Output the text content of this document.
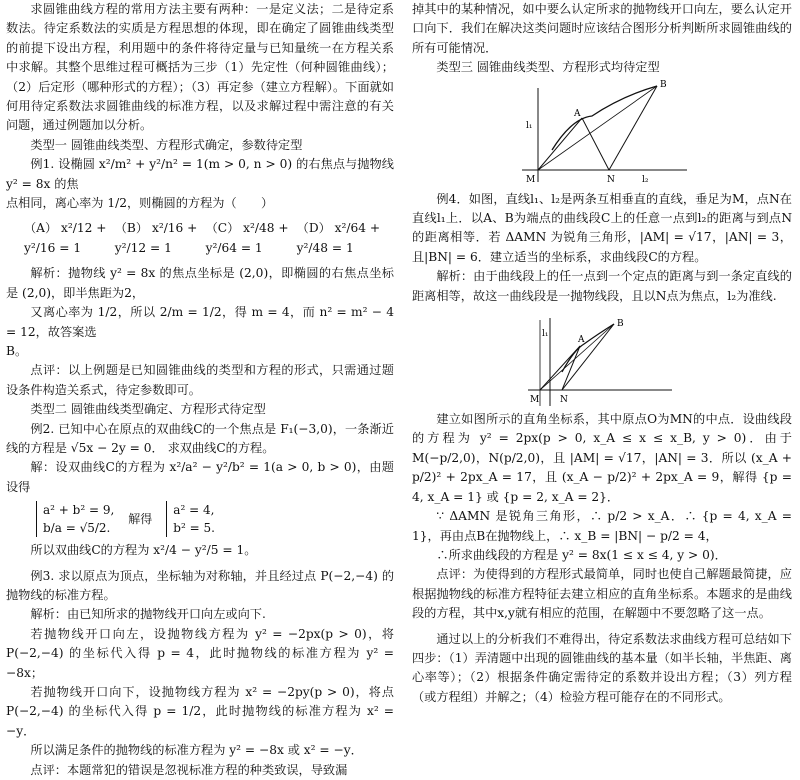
求圆锥曲线方程的常用方法主要有两种：一是定义法；二是待定系数法。待定系数法的实质是方程思想的体现，即在确定了圆锥曲线类型的前提下设出方程，利用题中的条件将待定量与已知量统一在方程关系中求解。其整个思维过程可概括为三步（1）先定性（何种圆锥曲线）；（2）后定形（哪种形式的方程）；（3）再定参（建立方程解）。下面就如何用待定系数法求圆锥曲线的标准方程，以及求解过程中需注意的有关问题，通过例题加以分析。

类型一 圆锥曲线类型、方程形式确定，参数待定型

例1. 设椭圆 x²/m² + y²/n² = 1(m > 0, n > 0) 的右焦点与抛物线 y² = 8x 的焦

点相同，离心率为 1/2，则椭圆的方程为（　　）

（A） x²/12 + y²/16 = 1
（B） x²/16 + y²/12 = 1
（C） x²/48 + y²/64 = 1
（D） x²/64 + y²/48 = 1

解析：抛物线 y² = 8x 的焦点坐标是 (2,0)，即椭圆的右焦点坐标是 (2,0)，即半焦距为2，

又离心率为 1/2，所以 2/m = 1/2，得 m = 4，而 n² = m² − 4 = 12，故答案选

B。

点评：以上例题是已知圆锥曲线的类型和方程的形式，只需通过题设条件构造关系式，待定参数即可。

类型二 圆锥曲线类型确定、方程形式待定型

例2. 已知中心在原点的双曲线C的一个焦点是 F₁(−3,0)，一条渐近线的方程是 √5x − 2y = 0． 求双曲线C的方程。

解：设双曲线C的方程为 x²/a² − y²/b² = 1(a > 0, b > 0)，由题设得

a² + b² = 9,
b/a = √5/2.
解得
a² = 4,
b² = 5.

所以双曲线C的方程为 x²/4 − y²/5 = 1。

例3. 求以原点为顶点，坐标轴为对称轴，并且经过点 P(−2,−4) 的抛物线的标准方程。

解析：由已知所求的抛物线开口向左或向下.

若抛物线开口向左，设抛物线方程为 y² = −2px(p > 0)，将 P(−2,−4) 的坐标代入得 p = 4，此时抛物线的标准方程为 y² = −8x；

若抛物线开口向下，设抛物线方程为 x² = −2py(p > 0)，将点 P(−2,−4) 的坐标代入得 p = 1/2，此时抛物线的标准方程为 x² = −y．

所以满足条件的抛物线的标准方程为 y² = −8x 或 x² = −y．

点评：本题常犯的错误是忽视标准方程的种类致误，导致漏

掉其中的某种情况，如中要么认定所求的抛物线开口向左，要么认定开口向下．我们在解决这类问题时应该结合图形分析判断所求圆锥曲线的所有可能情况．

类型三 圆锥曲线类型、方程形式均待定型

B
A
M	N
l₁
l₂

例4．如图，直线l₁、l₂是两条互相垂直的直线，垂足为M，点N在直线l₁上．以A、B为端点的曲线段C上的任意一点到l₂的距离与到点N的距离相等．若 ΔAMN 为锐角三角形，|AM| = √17，|AN| = 3，且|BN| = 6．建立适当的坐标系，求曲线段C的方程。

解析：由于曲线段上的任一点到一个定点的距离与到一条定直线的距离相等，故这一曲线段是一抛物线段，且以N点为焦点，l₂为准线.

B
A
M N
l₁

建立如图所示的直角坐标系，其中原点O为MN的中点．设曲线段的方程为 y² = 2px(p > 0, x_A ≤ x ≤ x_B, y > 0)．由于 M(−p/2,0)，N(p/2,0)，且 |AM| = √17，|AN| = 3．所以 (x_A + p/2)² + 2px_A = 17，且 (x_A − p/2)² + 2px_A = 9，解得 {p = 4, x_A = 1} 或 {p = 2, x_A = 2}．

∵ ΔAMN 是锐角三角形，∴ p/2 > x_A．∴ {p = 4, x_A = 1}，再由点B在抛物线上，∴ x_B = |BN| − p/2 = 4，

∴所求曲线段的方程是 y² = 8x(1 ≤ x ≤ 4, y > 0)．

点评：为使得到的方程形式最简单，同时也使自己解题最简捷，应根据抛物线的标准方程特征去建立相应的直角坐标系。本题求的是曲线段的方程，其中x,y就有相应的范围，在解题中不要忽略了这一点。

通过以上的分析我们不难得出，待定系数法求曲线方程可总结如下四步：（1）弄清题中出现的圆锥曲线的基本量（如半长轴，半焦距、离心率等）；（2）根据条件确定需待定的系数并设出方程；（3）列方程（或方程组）并解之；（4）检验方程可能存在的不同形式。
